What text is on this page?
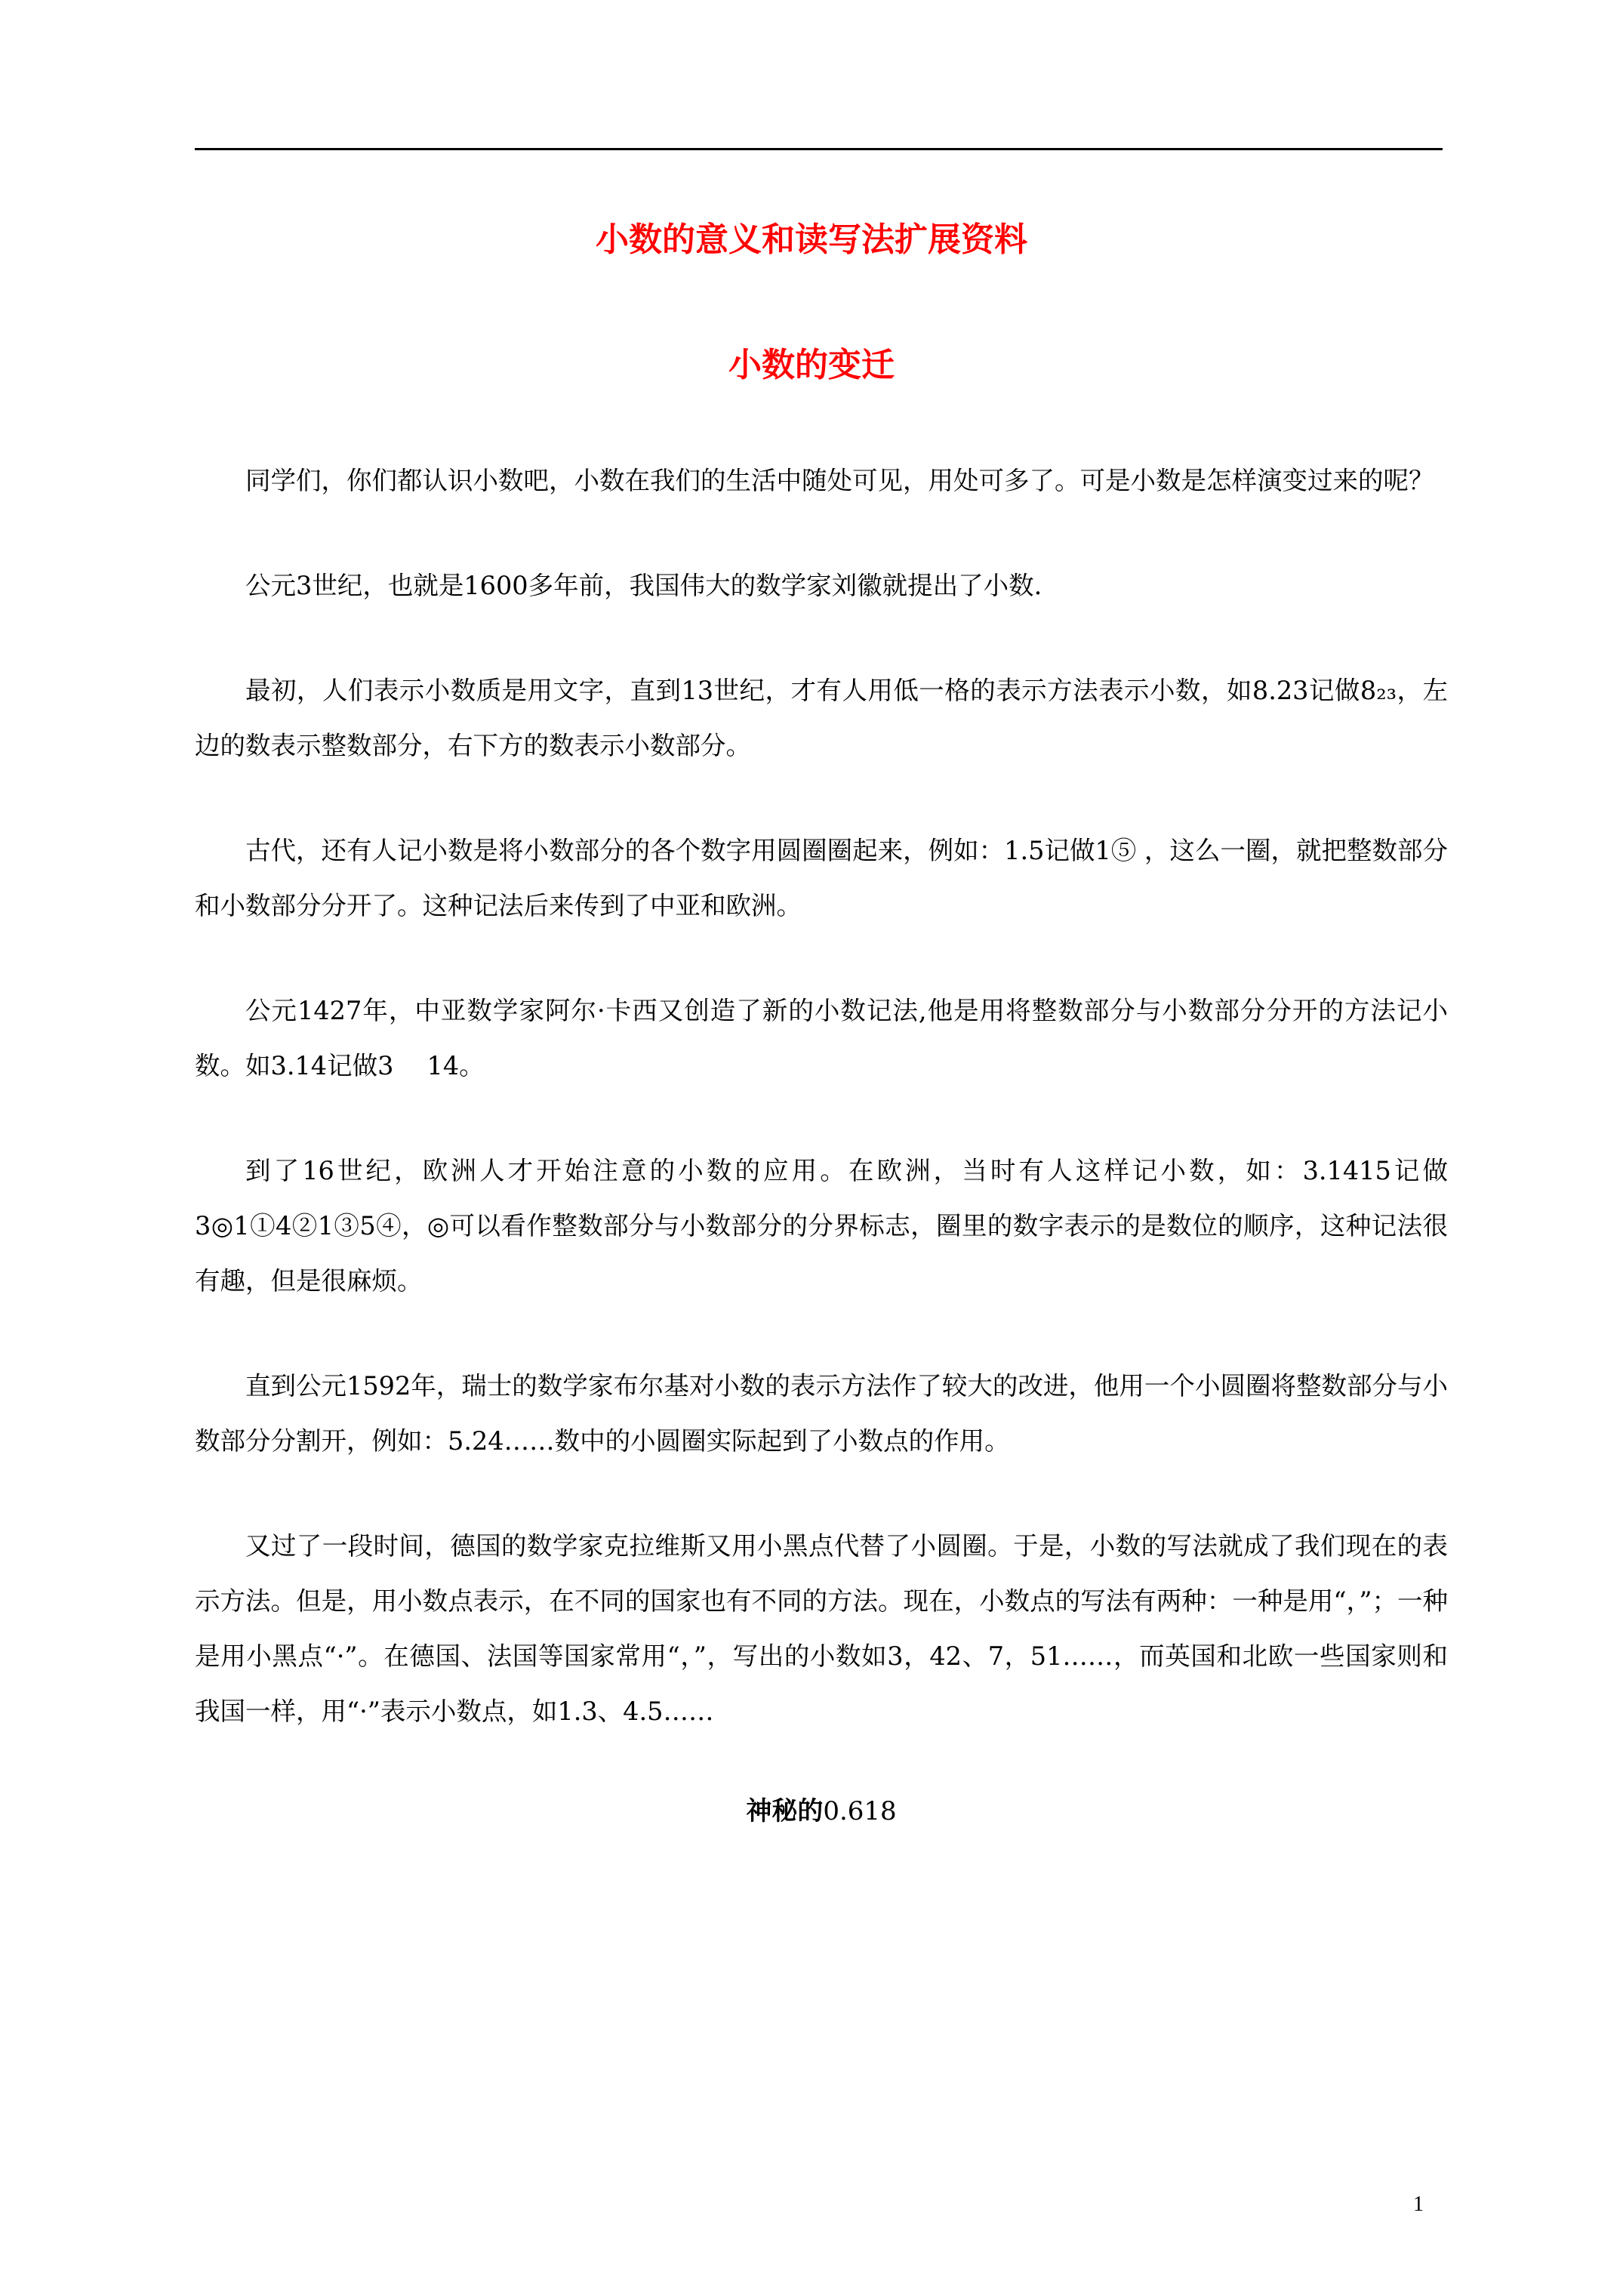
小数的意义和读写法扩展资料
小数的变迁

同学们，你们都认识小数吧，小数在我们的生活中随处可见，用处可多了。可是小数是怎样演变过来的呢？

公元3世纪，也就是1600多年前，我国伟大的数学家刘徽就提出了小数.

最初，人们表示小数质是用文字，直到13世纪，才有人用低一格的表示方法表示小数，如8.23记做8₂₃，左边的数表示整数部分，右下方的数表示小数部分。

古代，还有人记小数是将小数部分的各个数字用圆圈圈起来，例如：1.5记做1⑤ ，这么一圈，就把整数部分和小数部分分开了。这种记法后来传到了中亚和欧洲。

公元1427年，中亚数学家阿尔·卡西又创造了新的小数记法,他是用将整数部分与小数部分分开的方法记小数。如3.14记做3 　14。

到了16世纪，欧洲人才开始注意的小数的应用。在欧洲，当时有人这样记小数，如：3.1415记做3◎1①4②1③5④，◎可以看作整数部分与小数部分的分界标志，圈里的数字表示的是数位的顺序，这种记法很有趣，但是很麻烦。

直到公元1592年，瑞士的数学家布尔基对小数的表示方法作了较大的改进，他用一个小圆圈将整数部分与小数部分分割开，例如：5.24……数中的小圆圈实际起到了小数点的作用。

又过了一段时间，德国的数学家克拉维斯又用小黑点代替了小圆圈。于是，小数的写法就成了我们现在的表示方法。但是，用小数点表示，在不同的国家也有不同的方法。现在，小数点的写法有两种：一种是用“，”；一种是用小黑点“·”。在德国、法国等国家常用“，”，写出的小数如3，42、7，51……，而英国和北欧一些国家则和我国一样，用“·”表示小数点，如1.3、4.5……

神秘的0.618

1
